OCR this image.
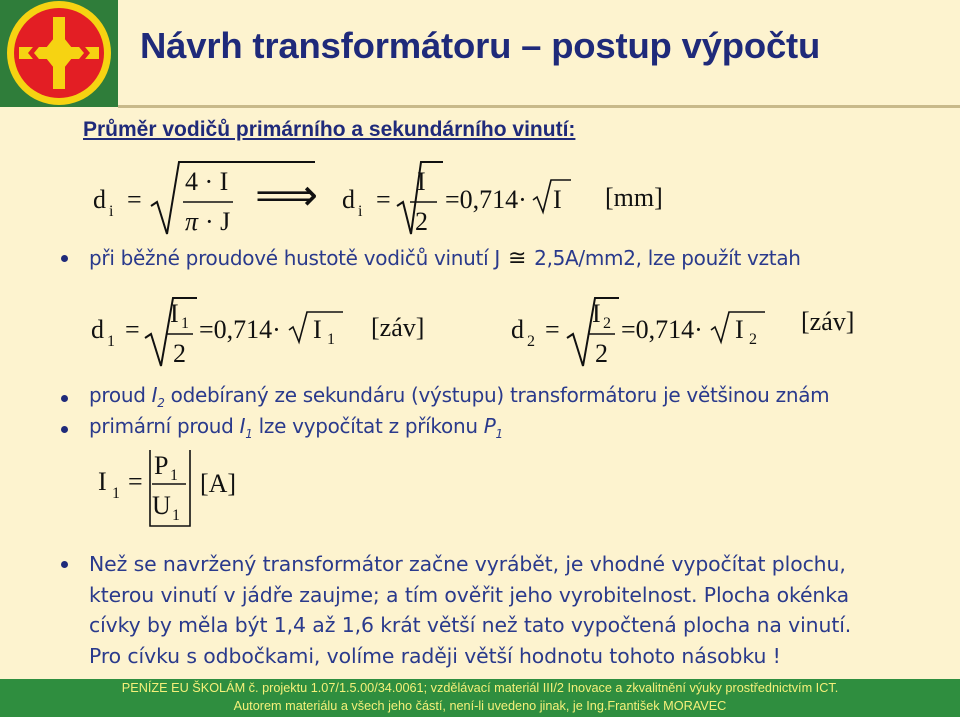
Návrh transformátoru – postup výpočtu
Průměr vodičů primárního a sekundárního vinutí:
d i =
4 · I
π · J
⟹ d i =
I
2
=0,714· I [mm]
při běžné proudové hustotě vodičů vinutí J ≅ 2,5A/mm2, lze použít vztah
d 1 =
I 1
2
=0,714· I 1 [záv]	d 2 =
I 2
2
=0,714· I 2
[záv]
proud $I_2$ odebíraný ze sekundáru (výstupu) transformátoru je většinou znám
primární proud $I_1$ lze vypočítat z příkonu $P_1$
I 1 =
P 1
U 1
[A]
Než se navržený transformátor začne vyrábět, je vhodné vypočítat plochu,
kterou vinutí v jádře zaujme; a tím ověřit jeho vyrobitelnost. Plocha okénka
cívky by měla být 1,4 až 1,6 krát větší než tato vypočtená plocha na vinutí.
Pro cívku s odbočkami, volíme raději větší hodnotu tohoto násobku !
PENÍZE EU ŠKOLÁM č. projektu 1.07/1.5.00/34.0061; vzdělávací materiál III/2 Inovace a zkvalitnění výuky prostřednictvím ICT.
Autorem materiálu a všech jeho částí, není-li uvedeno jinak, je Ing.František MORAVEC
